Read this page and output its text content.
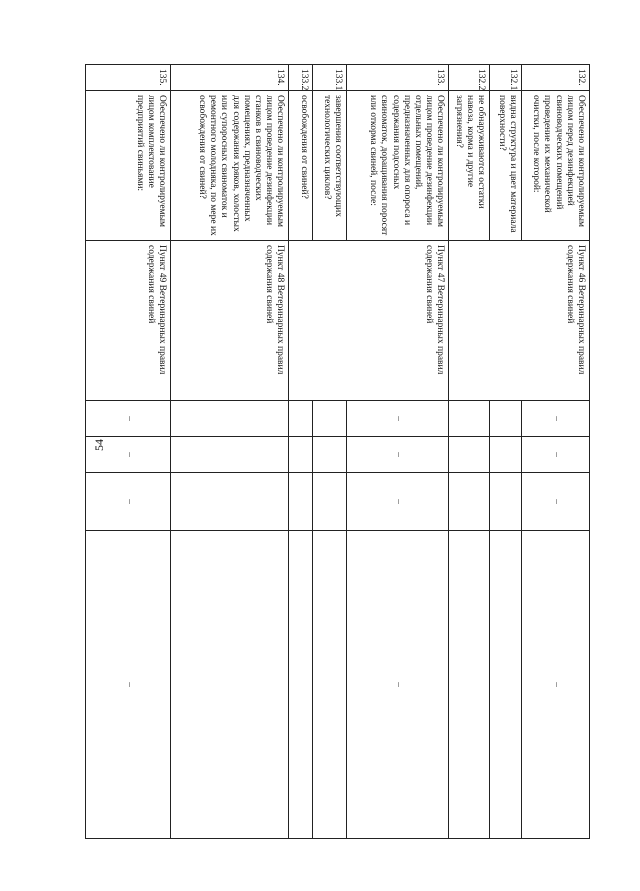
54
132.	Обеспечено ли контролируемым лицом перед дезинфекцией свиноводческих помещений проведение их механической очистки, после которой:	Пункт 46 Ветеринарных правил содержания свиней	–	–	–	–
132.1	видна структура и цвет материала поверхности?					
132.2	не обнаруживаются остатки навоза, корма и другие загрязнения?					
133.	Обеспечено ли контролируемым лицом проведение дезинфекции отдельных помещений, предназначенных для опороса и содержания подсосных свиноматок, доращивания поросят или откорма свиней, после:	Пункт 47 Ветеринарных правил содержания свиней	–	–	–	–
133.1	завершения соответствующих технологических циклов?					
133.2	освобождения от свиней?					
134.	Обеспечено ли контролируемым лицом проведение дезинфекции станков в свиноводческих помещениях, предназначенных для содержания хряков, холостых или супоросных свиноматок и ремонтного молодняка, по мере их освобождения от свиней?	Пункт 48 Ветеринарных правил содержания свиней				
135.	Обеспечено ли контролируемым лицом комплектование предприятий свиньями:	Пункт 49 Ветеринарных правил содержания свиней	–	–	–	–
